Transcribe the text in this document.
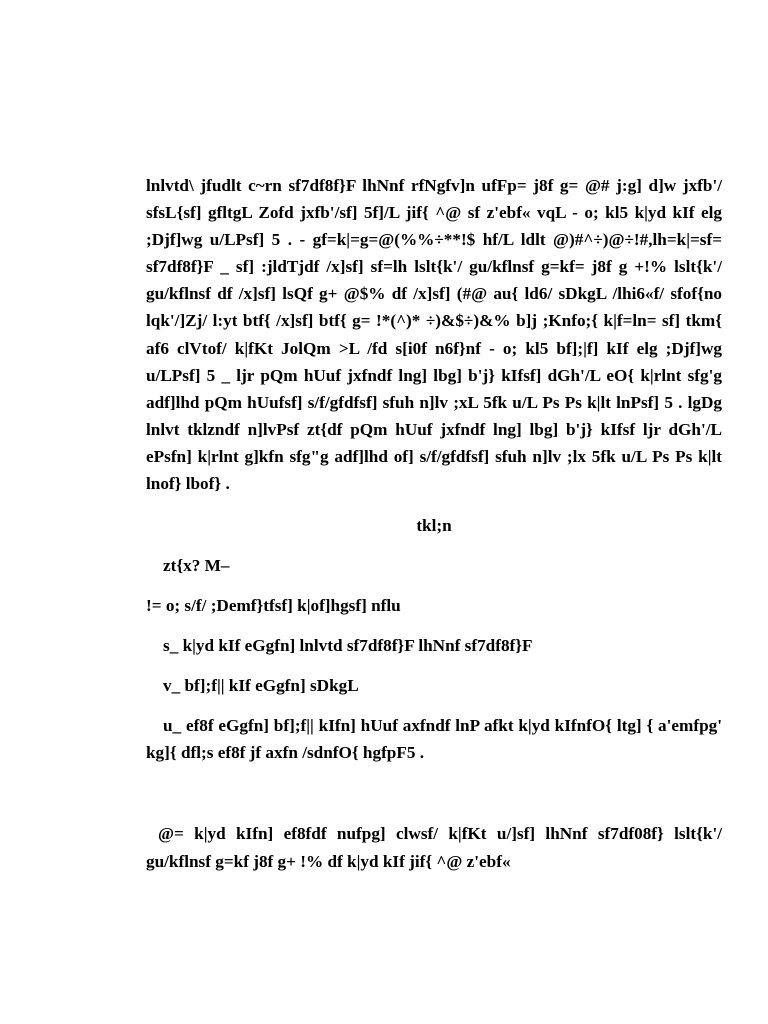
lnlvtd\ jfudlt c~rn sf7df8f}F lhNnf rfNgfv]n ufFp= j8f g= @# j:g] d]w jxfb'/ sfsL{sf] gfltgL Zofd jxfb'/sf] 5f]/L jif{ ^@ sf z'ebf« vqL - o; kl5 k|yd kIf elg ;Djf]wg u/LPsf] 5 . - gf=k|=g=@(%%÷**!$ hf/L ldlt @)#^÷)@÷!#,lh=k|=sf= sf7df8f}F _ sf] :jldTjdf /x]sf] sf=lh lslt{k'/ gu/kflnsf g=kf= j8f g +!% lslt{k'/ gu/kflnsf df /x]sf] lsQf g+ @$% df /x]sf] (#@ au{ ld6/ sDkgL /lhi6«f/ sfof{no lqk'/]Zj/ l:yt btf{ /x]sf] btf{ g= !*(^)* ÷)&$÷)&% b]j ;Knfo;{ k|f=ln= sf] tkm{ af6 clVtof/ k|fKt JolQm >L /fd s[i0f n6f}nf - o; kl5 bf];|f] kIf elg ;Djf]wg u/LPsf] 5 _ ljr pQm hUuf jxfndf lng] lbg] b'j} kIfsf] dGh'/L eO{ k|rlnt sfg'g adf]lhd pQm hUufsf] s/f/gfdfsf] sfuh n]lv ;xL 5fk u/L Ps Ps k|lt lnPsf] 5 . lgDg lnlvt tklzndf n]lvPsf zt{df pQm hUuf jxfndf lng] lbg] b'j} kIfsf ljr dGh'/L ePsfn] k|rlnt g]kfn sfg"g adf]lhd of] s/f/gfdfsf] sfuh n]lv ;lx 5fk u/L Ps Ps k|lt lnof} lbof} .

tkl;n

zt{x? M–

!= o; s/f/ ;Demf}tfsf] k|of]hgsf] nflu

s_ k|yd kIf eGgfn] lnlvtd sf7df8f}F lhNnf sf7df8f}F

v_ bf];f|| kIf eGgfn] sDkgL

u_ ef8f eGgfn] bf];f|| kIfn] hUuf axfndf lnP afkt k|yd kIfnfO{ ltg] { a'emfpg' kg]{ dfl;s ef8f jf axfn /sdnfO{ hgfpF5 .

@= k|yd kIfn] ef8fdf nufpg] clwsf/ k|fKt u/]sf] lhNnf sf7df08f} lslt{k'/ gu/kflnsf g=kf j8f g+ !% df k|yd kIf jif{ ^@ z'ebf«
